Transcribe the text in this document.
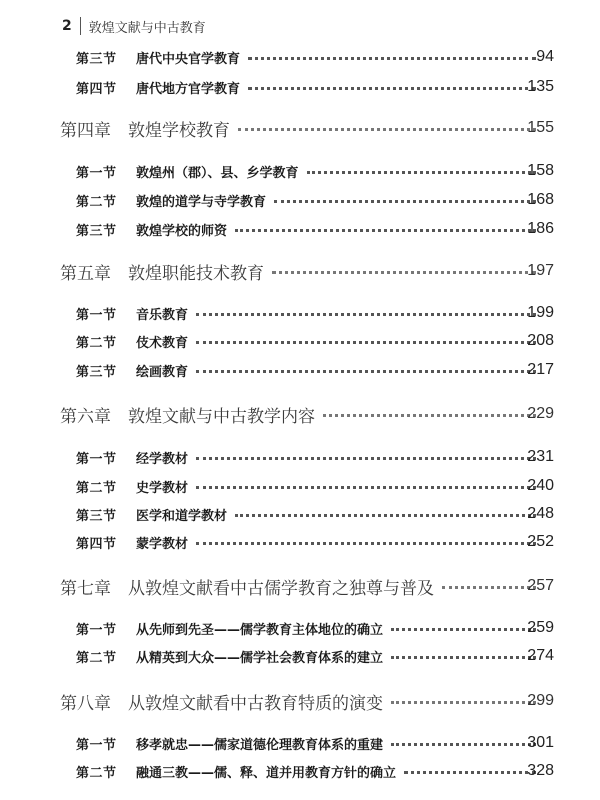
2 敦煌文献与中古教育
第三节 唐代中央官学教育	94
第四节 唐代地方官学教育	135
第四章 敦煌学校教育	155
第一节 敦煌州（郡）、县、乡学教育	158
第二节 敦煌的道学与寺学教育	168
第三节 敦煌学校的师资	186
第五章 敦煌职能技术教育	197
第一节 音乐教育	199
第二节 伎术教育	208
第三节 绘画教育	217
第六章 敦煌文献与中古教学内容	229
第一节 经学教材	231
第二节 史学教材	240
第三节 医学和道学教材	248
第四节 蒙学教材	252
第七章 从敦煌文献看中古儒学教育之独尊与普及	257
第一节 从先师到先圣——儒学教育主体地位的确立	259
第二节 从精英到大众——儒学社会教育体系的建立	274
第八章 从敦煌文献看中古教育特质的演变	299
第一节 移孝就忠——儒家道德伦理教育体系的重建	301
第二节 融通三教——儒、释、道并用教育方针的确立	328
